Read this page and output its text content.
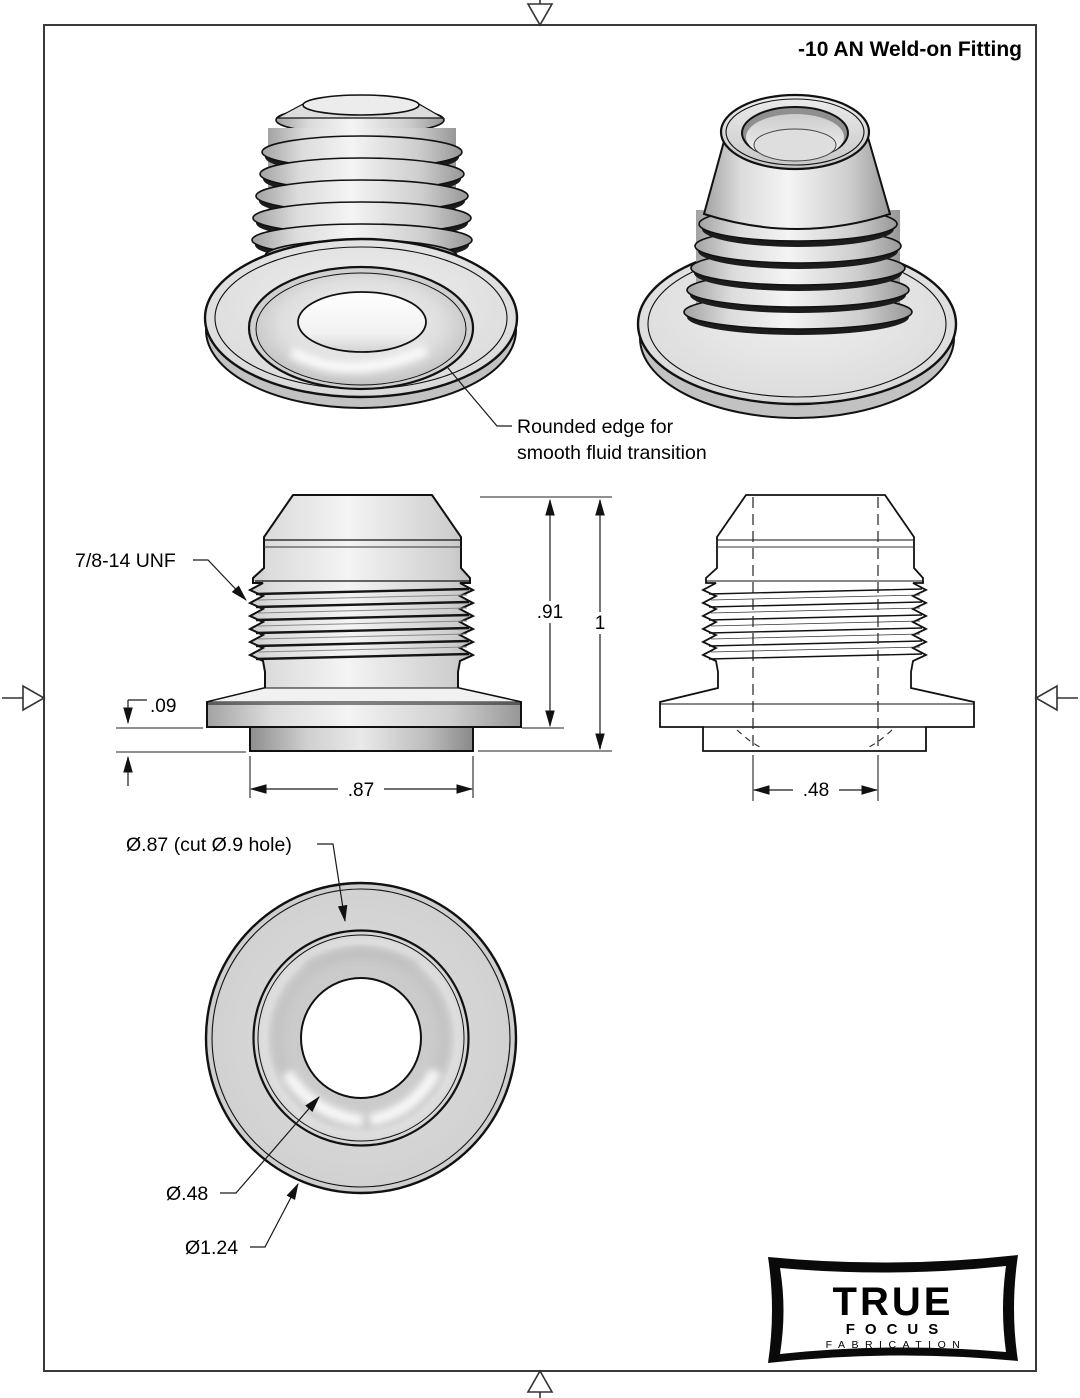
-10 AN Weld-on Fitting
Rounded edge for
smooth fluid transition
7/8-14 UNF
.91
1
.09
.87	.48
Ø.87 (cut Ø.9 hole)
Ø.48
Ø1.24
TRUE
FOCUS
FABRICATION
